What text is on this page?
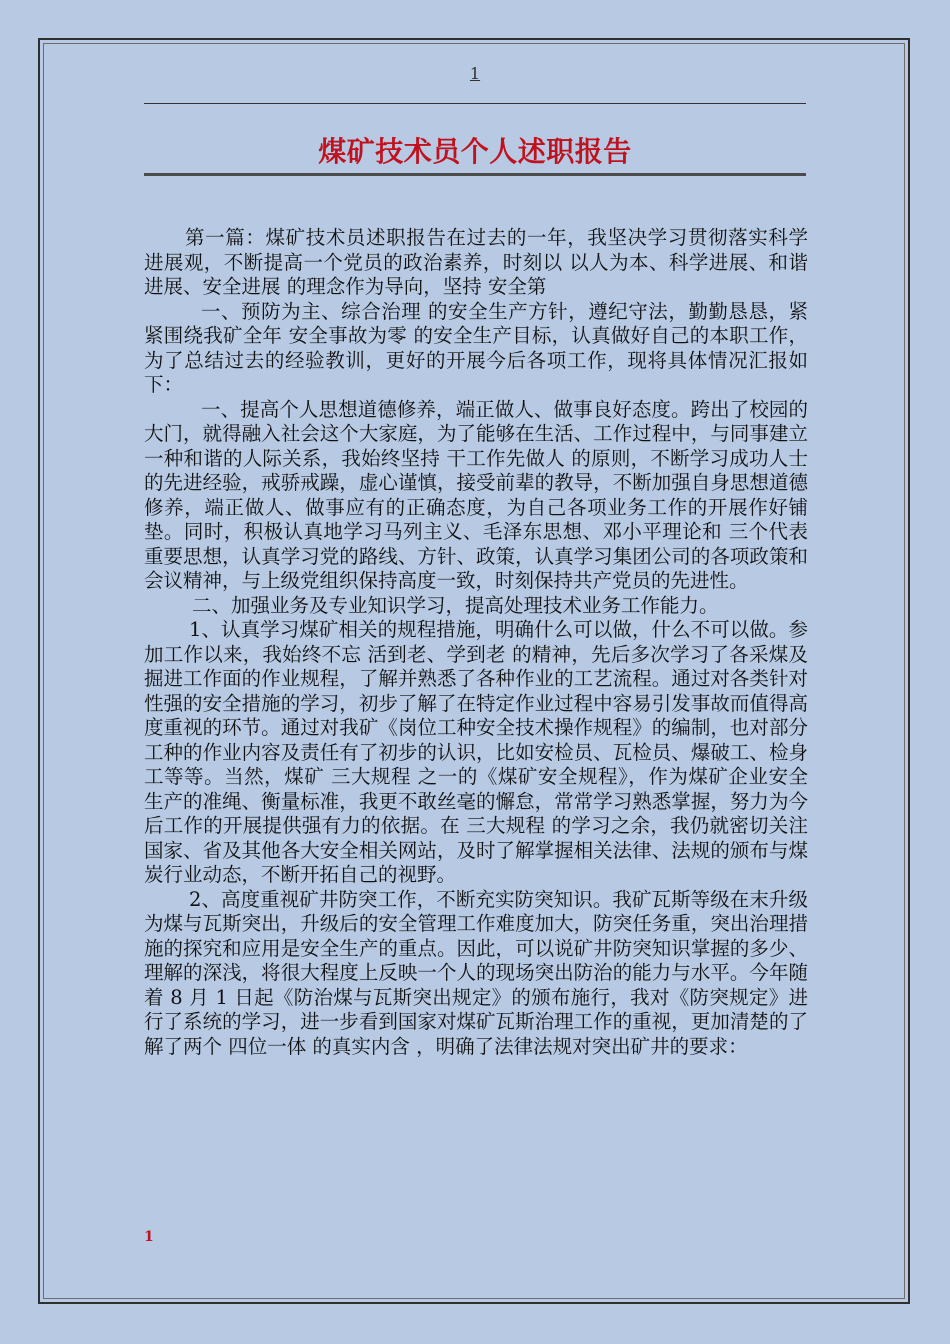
1
煤矿技术员个人述职报告

第一篇：煤矿技术员述职报告在过去的一年，我坚决学习贯彻落实科学进展观，不断提高一个党员的政治素养，时刻以 以人为本、科学进展、和谐进展、安全进展 的理念作为导向，坚持 安全第

一、预防为主、综合治理 的安全生产方针，遵纪守法，勤勤恳恳，紧紧围绕我矿全年 安全事故为零 的安全生产目标，认真做好自己的本职工作，为了总结过去的经验教训，更好的开展今后各项工作，现将具体情况汇报如下：

一、提高个人思想道德修养，端正做人、做事良好态度。跨出了校园的大门，就得融入社会这个大家庭，为了能够在生活、工作过程中，与同事建立一种和谐的人际关系，我始终坚持 干工作先做人 的原则，不断学习成功人士的先进经验，戒骄戒躁，虚心谨慎，接受前辈的教导，不断加强自身思想道德修养，端正做人、做事应有的正确态度，为自己各项业务工作的开展作好铺垫。同时，积极认真地学习马列主义、毛泽东思想、邓小平理论和 三个代表 重要思想，认真学习党的路线、方针、政策，认真学习集团公司的各项政策和会议精神，与上级党组织保持高度一致，时刻保持共产党员的先进性。

二、加强业务及专业知识学习，提高处理技术业务工作能力。

1、认真学习煤矿相关的规程措施，明确什么可以做，什么不可以做。参加工作以来，我始终不忘 活到老、学到老 的精神，先后多次学习了各采煤及掘进工作面的作业规程，了解并熟悉了各种作业的工艺流程。通过对各类针对性强的安全措施的学习，初步了解了在特定作业过程中容易引发事故而值得高度重视的环节。通过对我矿《岗位工种安全技术操作规程》的编制，也对部分工种的作业内容及责任有了初步的认识，比如安检员、瓦检员、爆破工、检身工等等。当然，煤矿 三大规程 之一的《煤矿安全规程》，作为煤矿企业安全生产的准绳、衡量标准，我更不敢丝毫的懈怠，常常学习熟悉掌握，努力为今后工作的开展提供强有力的依据。在 三大规程 的学习之余，我仍就密切关注国家、省及其他各大安全相关网站，及时了解掌握相关法律、法规的颁布与煤炭行业动态，不断开拓自己的视野。

2、高度重视矿井防突工作，不断充实防突知识。我矿瓦斯等级在末升级为煤与瓦斯突出，升级后的安全管理工作难度加大，防突任务重，突出治理措施的探究和应用是安全生产的重点。因此，可以说矿井防突知识掌握的多少、理解的深浅，将很大程度上反映一个人的现场突出防治的能力与水平。今年随着 8 月 1 日起《防治煤与瓦斯突出规定》的颁布施行，我对《防突规定》进行了系统的学习，进一步看到国家对煤矿瓦斯治理工作的重视，更加清楚的了解了两个 四位一体 的真实内含 ，明确了法律法规对突出矿井的要求：

1
